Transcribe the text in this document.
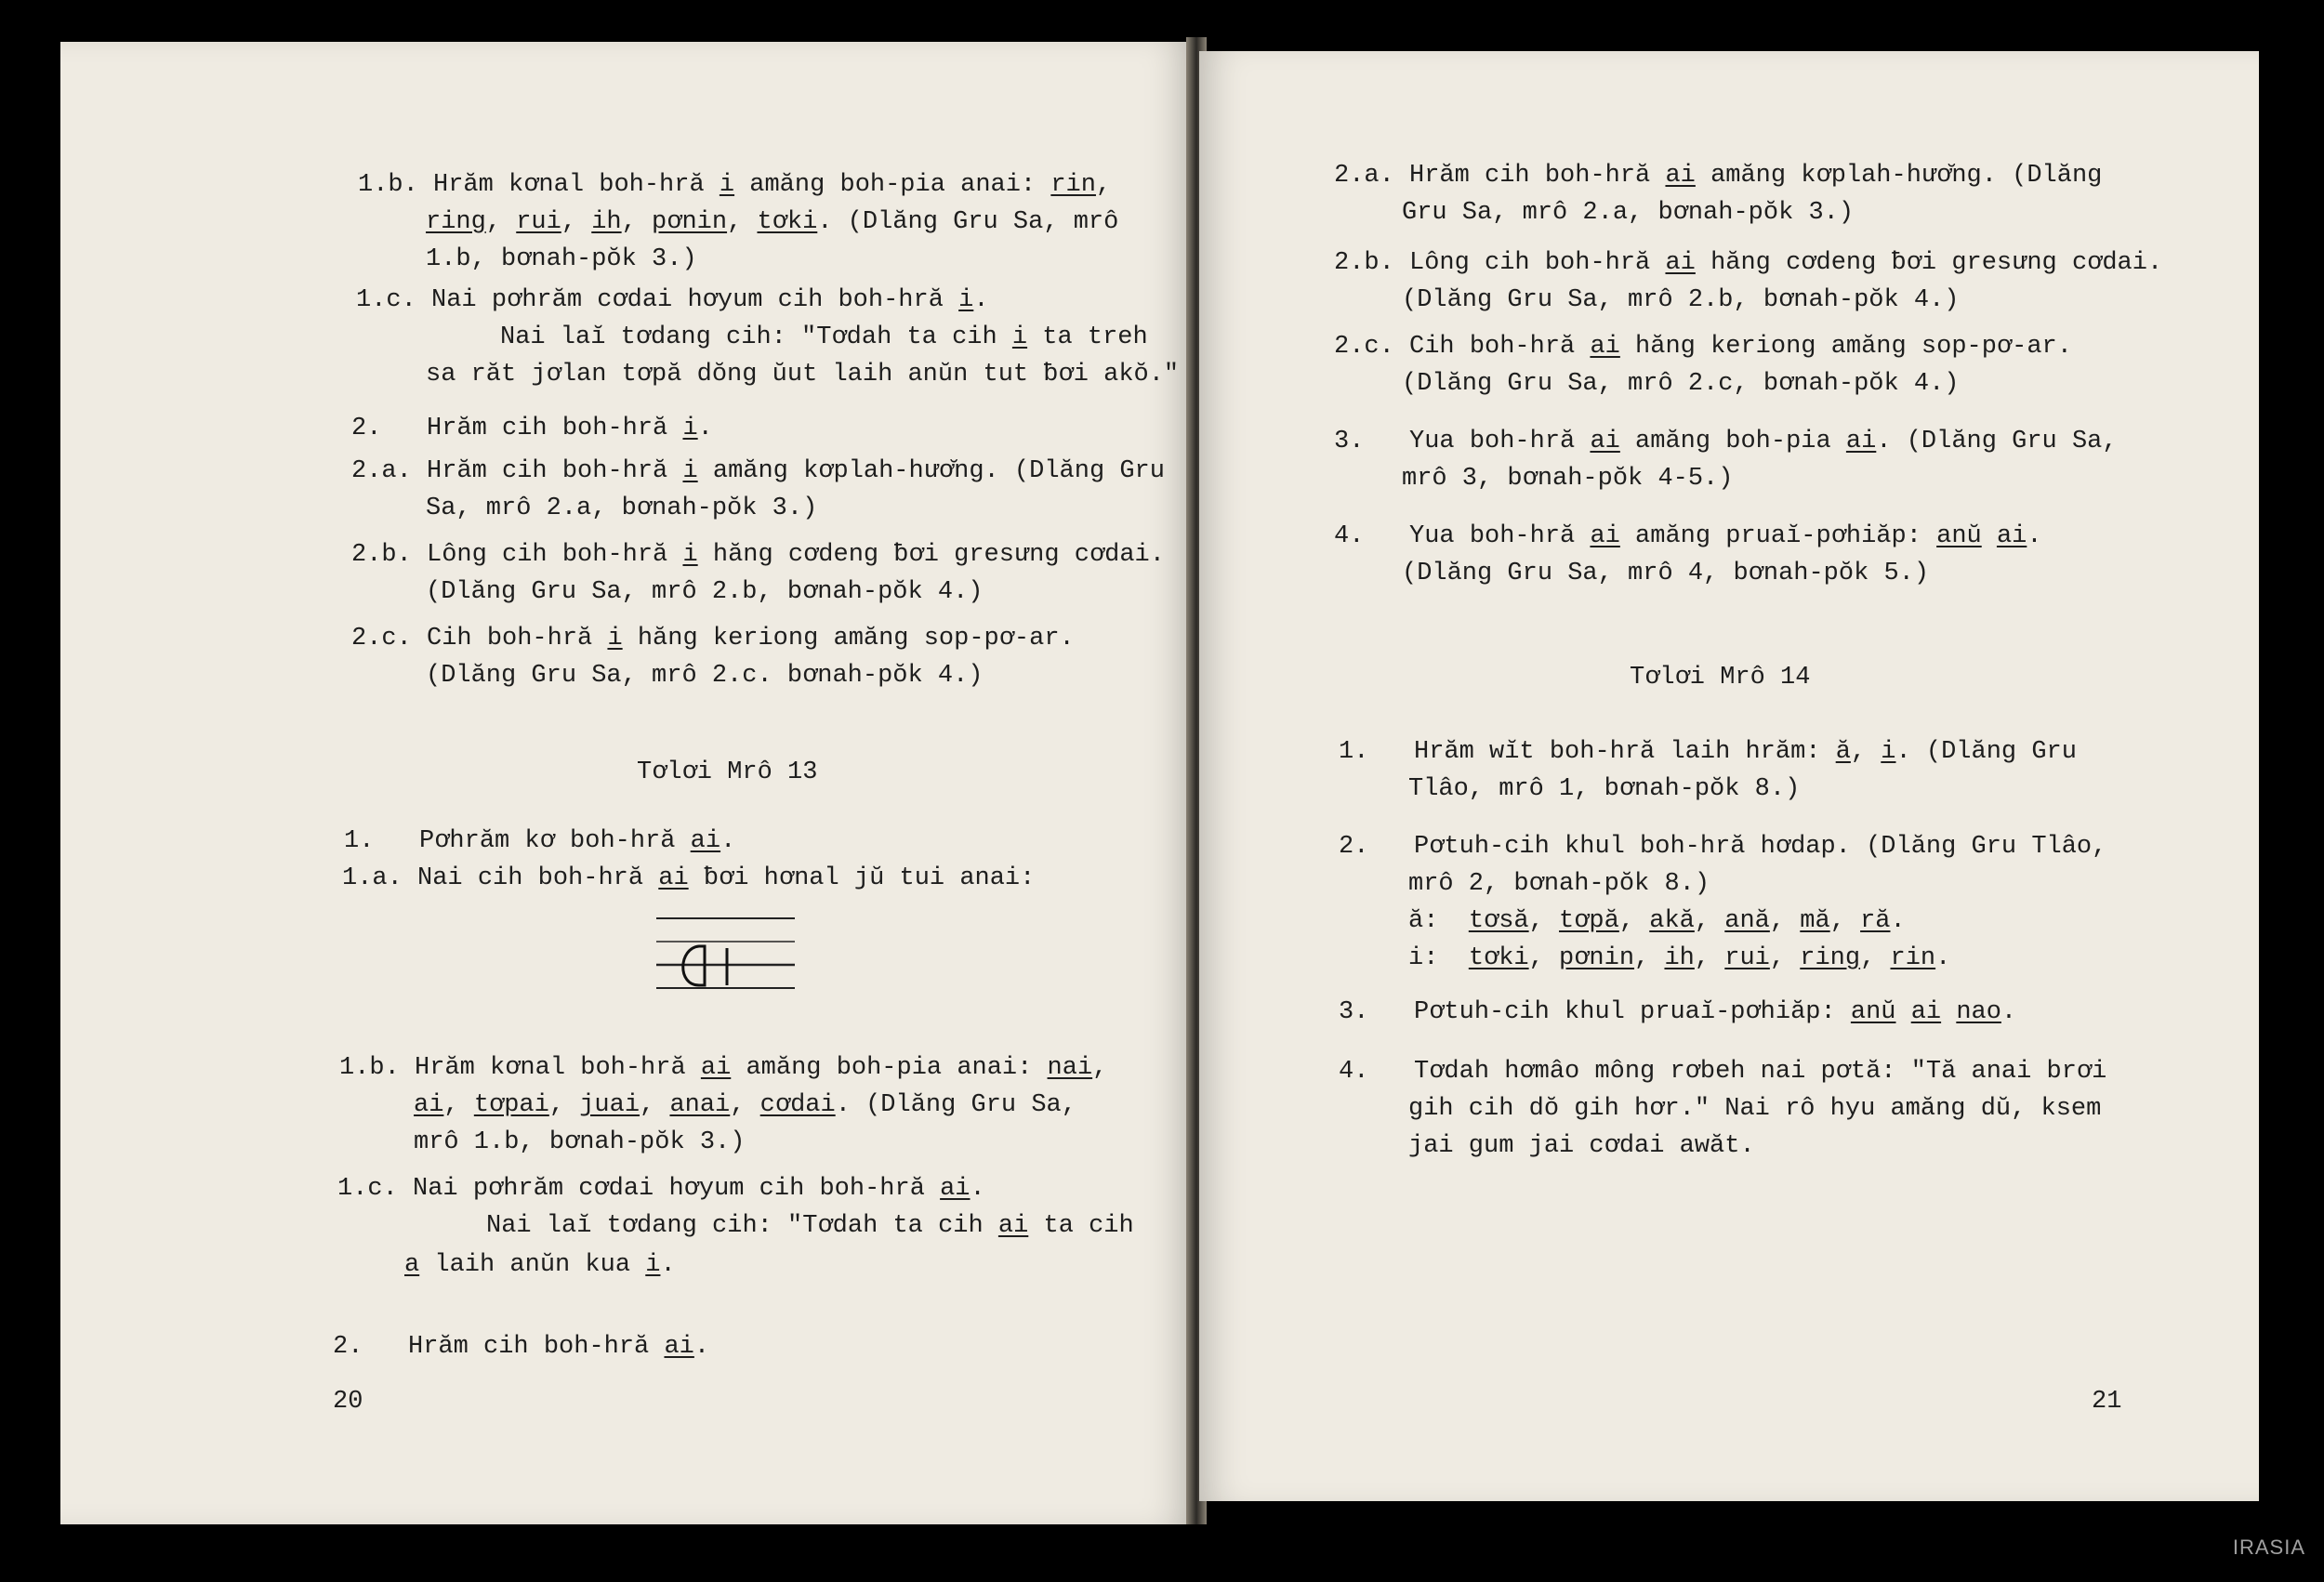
1.b. Hrăm kơnal boh-hră i amăng boh-pia anai: rin,
ring, rui, ih, pơnin, tơki. (Dlăng Gru Sa, mrô
1.b, bơnah-pŏk 3.)
1.c. Nai pơhrăm cơdai hơyum cih boh-hră i.
Nai laĭ tơdang cih: "Tơdah ta cih i ta treh
sa răt jơlan tơpă dŏng ŭut laih anŭn tut ƀơi akŏ."
2.   Hrăm cih boh-hră i.
2.a. Hrăm cih boh-hră i amăng kơplah-hươ̆ng. (Dlăng Gru
Sa, mrô 2.a, bơnah-pŏk 3.)
2.b. Lông cih boh-hră i hăng cơdeng ƀơi gresưng cơdai.
(Dlăng Gru Sa, mrô 2.b, bơnah-pŏk 4.)
2.c. Cih boh-hră i hăng keriong amăng sop-pơ-ar.
(Dlăng Gru Sa, mrô 2.c. bơnah-pŏk 4.)
Tơlơi Mrô 13
1.   Pơhrăm kơ boh-hră ai.
1.a. Nai cih boh-hră ai ƀơi hơnal jŭ tui anai:
1.b. Hrăm kơnal boh-hră ai amăng boh-pia anai: nai,
ai, tơpai, juai, anai, cơdai. (Dlăng Gru Sa,
mrô 1.b, bơnah-pŏk 3.)
1.c. Nai pơhrăm cơdai hơyum cih boh-hră ai.
Nai laĭ tơdang cih: "Tơdah ta cih ai ta cih
a laih anŭn kua i.
2.   Hrăm cih boh-hră ai.
20
2.a. Hrăm cih boh-hră ai amăng kơplah-hươ̆ng. (Dlăng
Gru Sa, mrô 2.a, bơnah-pŏk 3.)
2.b. Lông cih boh-hră ai hăng cơdeng ƀơi gresưng cơdai.
(Dlăng Gru Sa, mrô 2.b, bơnah-pŏk 4.)
2.c. Cih boh-hră ai hăng keriong amăng sop-pơ-ar.
(Dlăng Gru Sa, mrô 2.c, bơnah-pŏk 4.)
3.   Yua boh-hră ai amăng boh-pia ai. (Dlăng Gru Sa,
mrô 3, bơnah-pŏk 4-5.)
4.   Yua boh-hră ai amăng pruaĭ-pơhiăp: anŭ ai.
(Dlăng Gru Sa, mrô 4, bơnah-pŏk 5.)
Tơlơi Mrô 14
1.   Hrăm wĭt boh-hră laih hrăm: ă, i. (Dlăng Gru
Tlâo, mrô 1, bơnah-pŏk 8.)
2.   Pơtuh-cih khul boh-hră hơdap. (Dlăng Gru Tlâo,
mrô 2, bơnah-pŏk 8.)
ă:  tơsă, tơpă, akă, ană, mă, ră.
i:  tơki, pơnin, ih, rui, ring, rin.
3.   Pơtuh-cih khul pruaĭ-pơhiăp: anŭ ai nao.
4.   Tơdah hơmâo mông rơbeh nai pơtă: "Tă anai brơi
gih cih dŏ gih hơr." Nai rô hyu amăng dŭ, ksem
jai gum jai cơdai awăt.
21
IRASIA
